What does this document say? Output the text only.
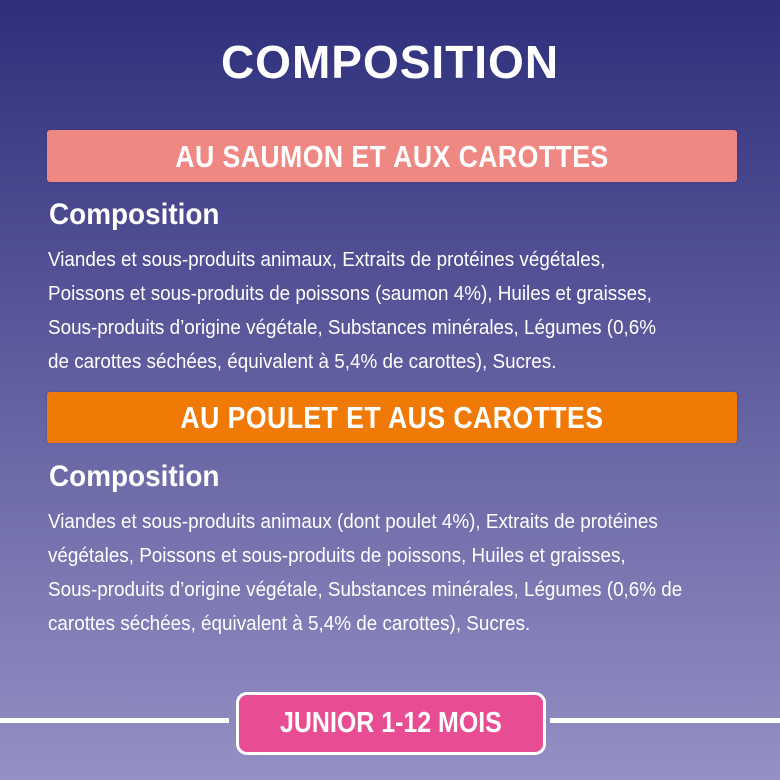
COMPOSITION
AU SAUMON ET AUX CAROTTES
Composition
Viandes et sous-produits animaux, Extraits de protéines végétales,
Poissons et sous-produits de poissons (saumon 4%), Huiles et graisses,
Sous-produits d’origine végétale, Substances minérales, Légumes (0,6%
de carottes séchées, équivalent à 5,4% de carottes), Sucres.
AU POULET ET AUS CAROTTES
Composition
Viandes et sous-produits animaux (dont poulet 4%), Extraits de protéines
végétales, Poissons et sous-produits de poissons, Huiles et graisses,
Sous-produits d’origine végétale, Substances minérales, Légumes (0,6% de
carottes séchées, équivalent à 5,4% de carottes), Sucres.
JUNIOR 1-12 MOIS
